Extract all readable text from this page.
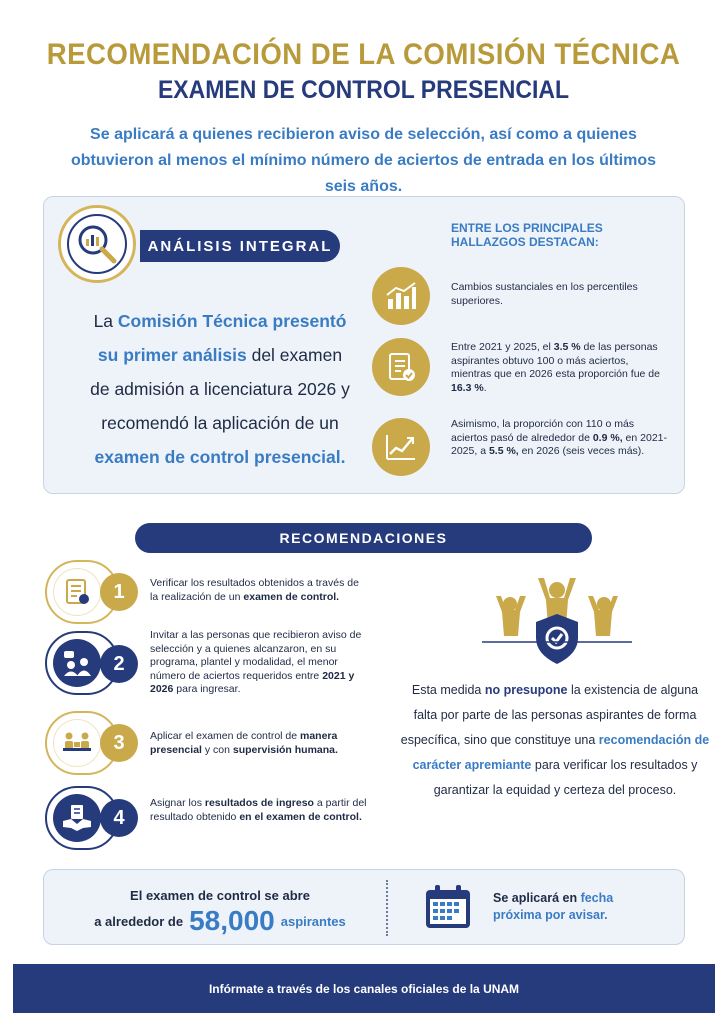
RECOMENDACIÓN DE LA COMISIÓN TÉCNICA
EXAMEN DE CONTROL PRESENCIAL
Se aplicará a quienes recibieron aviso de selección, así como a quienes obtuvieron al menos el mínimo número de aciertos de entrada en los últimos seis años.
ANÁLISIS INTEGRAL
La Comisión Técnica presentó su primer análisis del examen de admisión a licenciatura 2026 y recomendó la aplicación de un examen de control presencial.
ENTRE LOS PRINCIPALES HALLAZGOS DESTACAN:
Cambios sustanciales en los percentiles superiores.
Entre 2021 y 2025, el 3.5 % de las personas aspirantes obtuvo 100 o más aciertos, mientras que en 2026 esta proporción fue de 16.3 %.
Asimismo, la proporción con 110 o más aciertos pasó de alrededor de 0.9 %, en 2021-2025, a 5.5 %, en 2026 (seis veces más).
RECOMENDACIONES
1	Verificar los resultados obtenidos a través de la realización de un examen de control.
2
Invitar a las personas que recibieron aviso de selección y a quienes alcanzaron, en su programa, plantel y modalidad, el menor número de aciertos requeridos entre 2021 y 2026 para ingresar.
3	Aplicar el examen de control de manera presencial y con supervisión humana.
4
Asignar los resultados de ingreso a partir del resultado obtenido en el examen de control.
Esta medida no presupone la existencia de alguna falta por parte de las personas aspirantes de forma específica, sino que constituye una recomendación de carácter apremiante para verificar los resultados y garantizar la equidad y certeza del proceso.
El examen de control se abre
a alrededor de 58,000 aspirantes
Se aplicará en fecha próxima por avisar.
Infórmate a través de los canales oficiales de la UNAM
